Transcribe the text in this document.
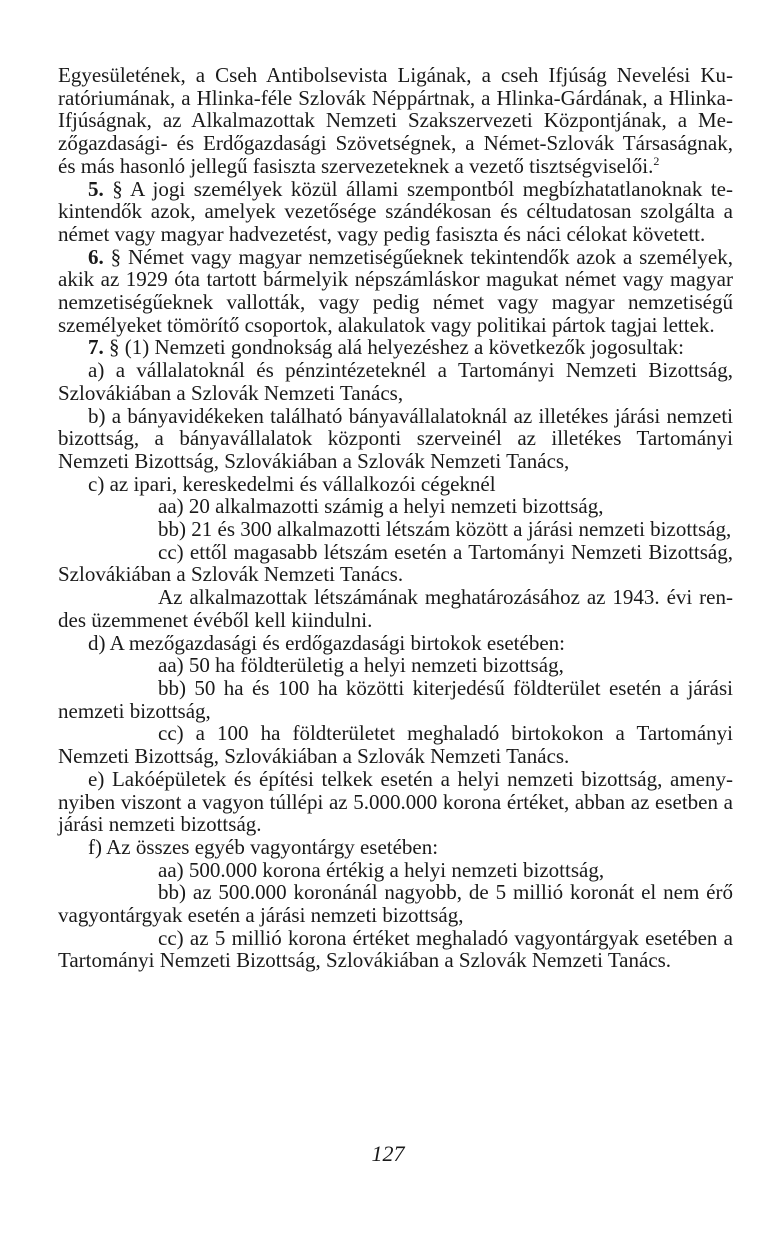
Egyesületének, a Cseh Antibolsevista Ligának, a cseh Ifjúság Nevelési Kuratóriumának, a Hlinka-féle Szlovák Néppártnak, a Hlinka-Gárdának, a Hlinka-Ifjúságnak, az Alkalmazottak Nemzeti Szakszervezeti Központjának, a Mezőgazdasági- és Erdőgazdasági Szövetségnek, a Német-Szlovák Társaságnak, és más hasonló jellegű fasiszta szervezeteknek a vezető tisztségviselői.$^2$

5. § A jogi személyek közül állami szempontból megbízhatatlanoknak tekintendők azok, amelyek vezetősége szándékosan és céltudatosan szolgálta a német vagy magyar hadvezetést, vagy pedig fasiszta és náci célokat követett.

6. § Német vagy magyar nemzetiségűeknek tekintendők azok a személyek, akik az 1929 óta tartott bármelyik népszámláskor magukat német vagy magyar nemzetiségűeknek vallották, vagy pedig német vagy magyar nemzetiségű személyeket tömörítő csoportok, alakulatok vagy politikai pártok tagjai lettek.

7. § (1) Nemzeti gondnokság alá helyezéshez a következők jogosultak:

a) a vállalatoknál és pénzintézeteknél a Tartományi Nemzeti Bizottság, Szlovákiában a Szlovák Nemzeti Tanács,

b) a bányavidékeken található bányavállalatoknál az illetékes járási nemzeti bizottság, a bányavállalatok központi szerveinél az illetékes Tartományi Nemzeti Bizottság, Szlovákiában a Szlovák Nemzeti Tanács,

c) az ipari, kereskedelmi és vállalkozói cégeknél

aa) 20 alkalmazotti számig a helyi nemzeti bizottság,

bb) 21 és 300 alkalmazotti létszám között a járási nemzeti bizottság,

cc) ettől magasabb létszám esetén a Tartományi Nemzeti Bizottság, Szlovákiában a Szlovák Nemzeti Tanács.

Az alkalmazottak létszámának meghatározásához az 1943. évi rendes üzemmenet évéből kell kiindulni.

d) A mezőgazdasági és erdőgazdasági birtokok esetében:

aa) 50 ha földterületig a helyi nemzeti bizottság,

bb) 50 ha és 100 ha közötti kiterjedésű földterület esetén a járási nemzeti bizottság,

cc) a 100 ha földterületet meghaladó birtokokon a Tartományi Nemzeti Bizottság, Szlovákiában a Szlovák Nemzeti Tanács.

e) Lakóépületek és építési telkek esetén a helyi nemzeti bizottság, amenynyiben viszont a vagyon túllépi az 5.000.000 korona értéket, abban az esetben a járási nemzeti bizottság.

f) Az összes egyéb vagyontárgy esetében:

aa) 500.000 korona értékig a helyi nemzeti bizottság,

bb) az 500.000 koronánál nagyobb, de 5 millió koronát el nem érő vagyontárgyak esetén a járási nemzeti bizottság,

cc) az 5 millió korona értéket meghaladó vagyontárgyak esetében a Tartományi Nemzeti Bizottság, Szlovákiában a Szlovák Nemzeti Tanács.

127
